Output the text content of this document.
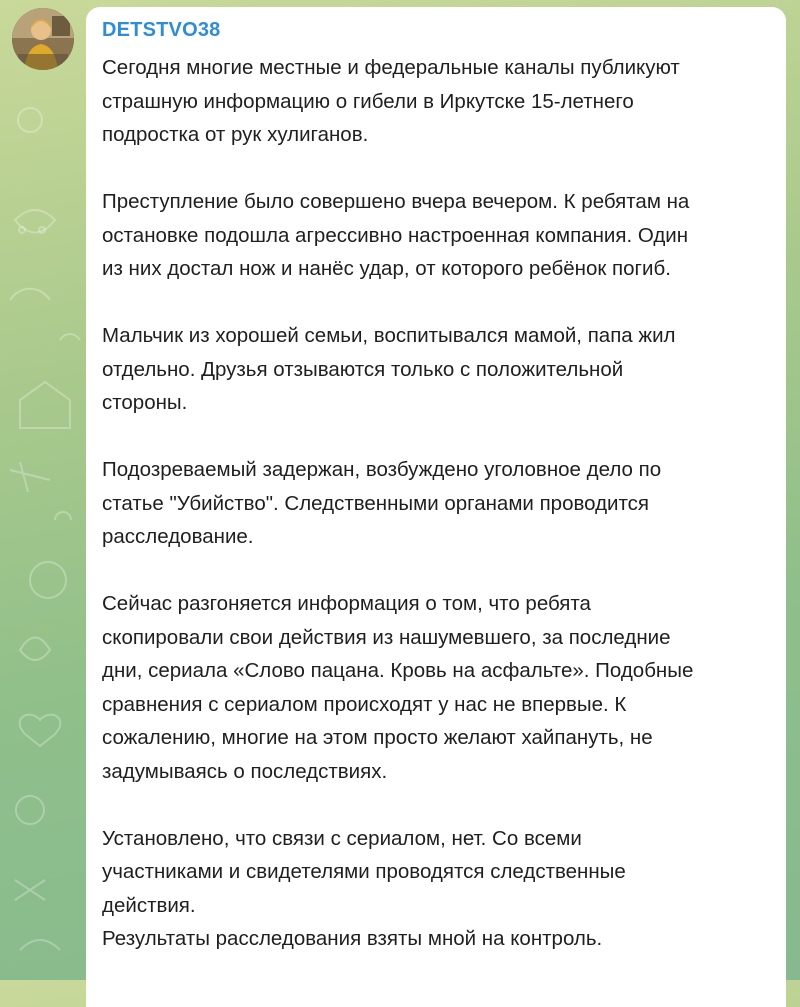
DETSTVO38
Сегодня многие местные и федеральные каналы публикуют
страшную информацию о гибели в Иркутске 15-летнего
подростка от рук хулиганов.
Преступление было совершено вчера вечером. К ребятам на
остановке подошла агрессивно настроенная компания. Один
из них достал нож и нанёс удар, от которого ребёнок погиб.
Мальчик из хорошей семьи, воспитывался мамой, папа жил
отдельно. Друзья отзываются только с положительной
стороны.
Подозреваемый задержан, возбуждено уголовное дело по
статье "Убийство". Следственными органами проводится
расследование.
Сейчас разгоняется информация о том, что ребята
скопировали свои действия из нашумевшего, за последние
дни, сериала «Слово пацана. Кровь на асфальте». Подобные
сравнения с сериалом происходят у нас не впервые. К
сожалению, многие на этом просто желают хайпануть, не
задумываясь о последствиях.
Установлено, что связи с сериалом, нет. Со всеми
участниками и свидетелями проводятся следственные
действия.
Результаты расследования взяты мной на контроль.
